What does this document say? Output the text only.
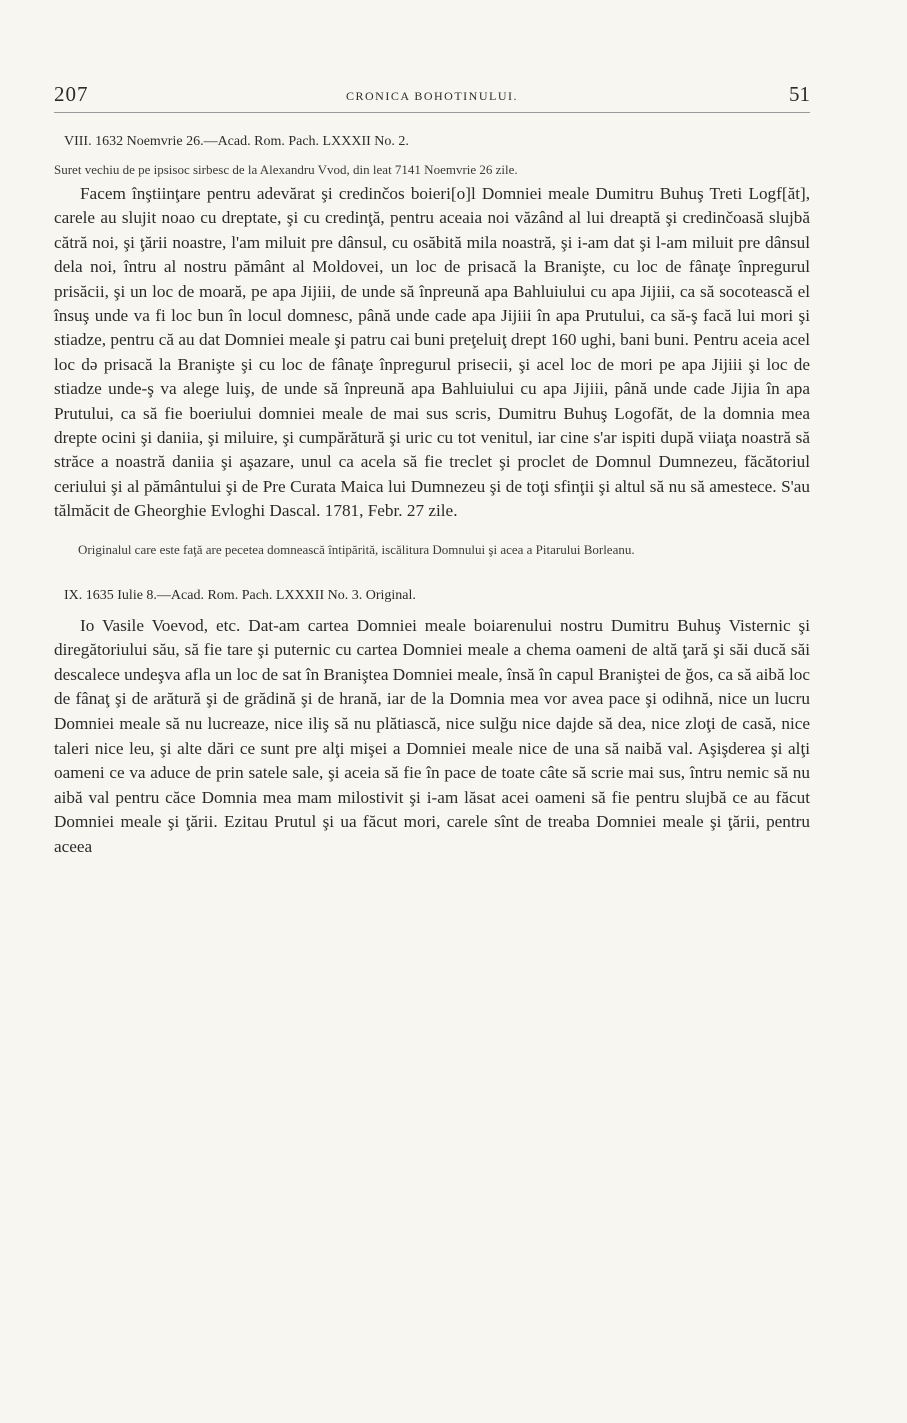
207	CRONICA BOHOTINULUI.	51
VIII. 1632 Noemvrie 26.—Acad. Rom. Pach. LXXXII No. 2.
Suret vechiu de pe ipsisoc sirbesc de la Alexandru Vvod, din leat 7141 Noemvrie 26 zile.

Facem înştiinţare pentru adevărat şi credinčos boieri[o]l Domniei meale Dumitru Buhuş Treti Logf[ăt], carele au slujit noao cu dreptate, şi cu credinţă, pentru aceaia noi văzând al lui dreaptă şi credinčoasă slujbă cătră noi, şi ţării noastre, l'am miluit pre dânsul, cu osăbită mila noastră, şi i-am dat şi l-am miluit pre dânsul dela noi, întru al nostru pământ al Moldovei, un loc de prisacă la Branişte, cu loc de fânaţe înpregurul prisăcii, şi un loc de moară, pe apa Jijiii, de unde să înpreună apa Bahluiului cu apa Jijiii, ca să socotească el însuş unde va fi loc bun în locul domnesc, până unde cade apa Jijiii în apa Prutului, ca să-ş facă lui mori şi stiadze, pentru că au dat Domniei meale şi patru cai buni preţeluiţ drept 160 ughi, bani buni. Pentru aceia acel loc də prisacă la Branişte şi cu loc de fânaţe înpregurul prisecii, şi acel loc de mori pe apa Jijiii şi loc de stiadze unde-ş va alege luiş, de unde să înpreună apa Bahluiului cu apa Jijiii, până unde cade Jijia în apa Prutului, ca să fie boeriului domniei meale de mai sus scris, Dumitru Buhuş Logofăt, de la domnia mea drepte ocini şi daniia, şi miluire, şi cumpărătură şi uric cu tot venitul, iar cine s'ar ispiti după viiaţa noastră să străce a noastră daniia şi aşazare, unul ca acela să fie treclet şi proclet de Domnul Dumnezeu, făcătoriul ceriului şi al pământului şi de Pre Curata Maica lui Dumnezeu şi de toţi sfinţii şi altul să nu să amestece. S'au tălmăcit de Gheorghie Evloghi Dascal. 1781, Febr. 27 zile.

Originalul care este faţă are pecetea domnească întipărită, iscălitura Domnului şi acea a Pitarului Borleanu.

IX. 1635 Iulie 8.—Acad. Rom. Pach. LXXXII No. 3. Original.

Io Vasile Voevod, etc. Dat-am cartea Domniei meale boiarenului nostru Dumitru Buhuş Visternic şi diregătoriului său, să fie tare şi puternic cu cartea Domniei meale a chema oameni de altă ţară şi săi ducă săi descalece undeşva afla un loc de sat în Braniştea Domniei meale, însă în capul Braniştei de ğos, ca să aibă loc de fânaţ şi de arătură şi de grădină şi de hrană, iar de la Domnia mea vor avea pace şi odihnă, nice un lucru Domniei meale să nu lucreaze, nice iliş să nu plătiască, nice sulğu nice dajde să dea, nice zloţi de casă, nice taleri nice leu, şi alte dări ce sunt pre alţi mişei a Domniei meale nice de una să naibă val. Aşişderea şi alţi oameni ce va aduce de prin satele sale, şi aceia să fie în pace de toate câte să scrie mai sus, întru nemic să nu aibă val pentru căce Domnia mea mam milostivit şi i-am lăsat acei oameni să fie pentru slujbă ce au făcut Domniei meale şi ţării. Ezitau Prutul şi ua făcut mori, carele sînt de treaba Domniei meale şi ţării, pentru aceea
